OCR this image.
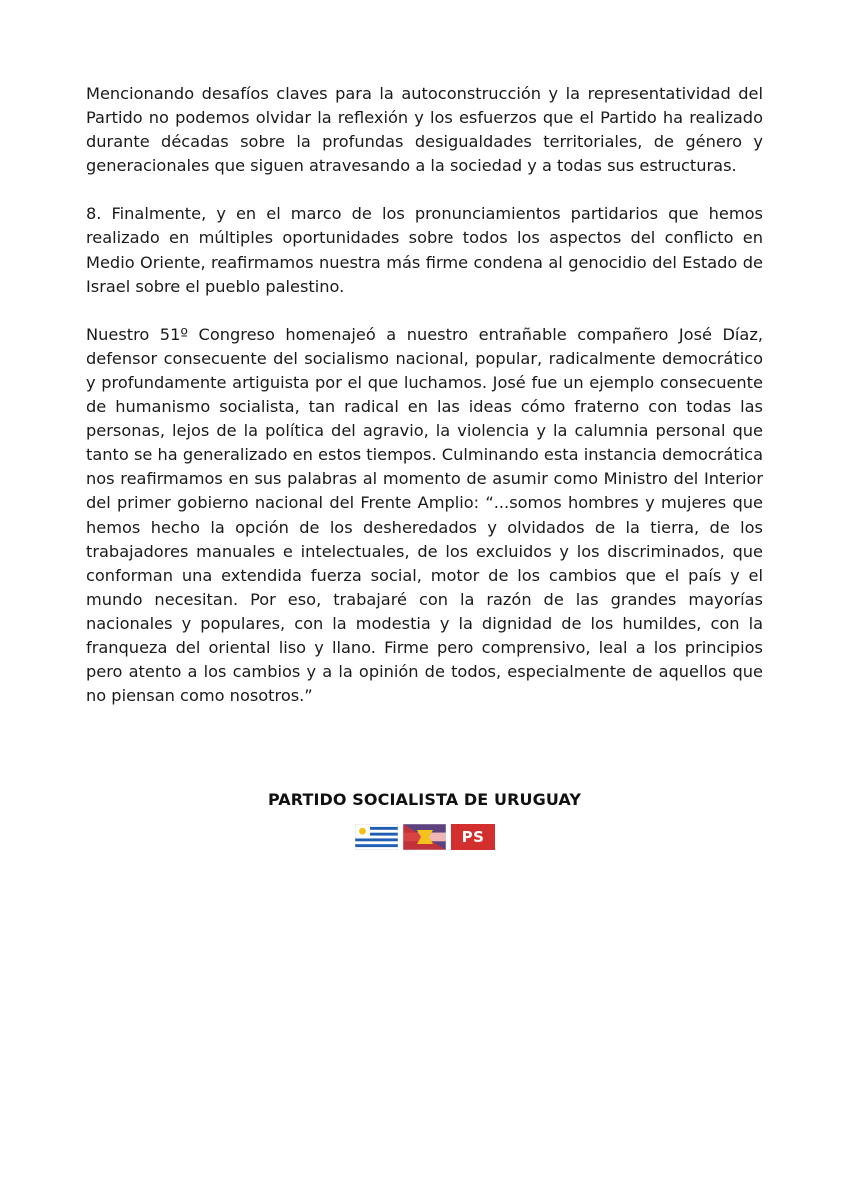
Mencionando desafíos claves para la autoconstrucción y la representatividad del Partido no podemos olvidar la reflexión y los esfuerzos que el Partido ha realizado durante décadas sobre la profundas desigualdades territoriales, de género y generacionales que siguen atravesando a la sociedad y a todas sus estructuras.

8. Finalmente, y en el marco de los pronunciamientos partidarios que hemos realizado en múltiples oportunidades sobre todos los aspectos del conflicto en Medio Oriente, reafirmamos nuestra más firme condena al genocidio del Estado de Israel sobre el pueblo palestino.

Nuestro 51º Congreso homenajeó a nuestro entrañable compañero José Díaz, defensor consecuente del socialismo nacional, popular, radicalmente democrático y profundamente artiguista por el que luchamos. José fue un ejemplo consecuente de humanismo socialista, tan radical en las ideas cómo fraterno con todas las personas, lejos de la política del agravio, la violencia y la calumnia personal que tanto se ha generalizado en estos tiempos. Culminando esta instancia democrática nos reafirmamos en sus palabras al momento de asumir como Ministro del Interior del primer gobierno nacional del Frente Amplio: “...somos hombres y mujeres que hemos hecho la opción de los desheredados y olvidados de la tierra, de los trabajadores manuales e intelectuales, de los excluidos y los discriminados, que conforman una extendida fuerza social, motor de los cambios que el país y el mundo necesitan. Por eso, trabajaré con la razón de las grandes mayorías nacionales y populares, con la modestia y la dignidad de los humildes, con la franqueza del oriental liso y llano. Firme pero comprensivo, leal a los principios pero atento a los cambios y a la opinión de todos, especialmente de aquellos que no piensan como nosotros.”

PARTIDO SOCIALISTA DE URUGUAY
PS
